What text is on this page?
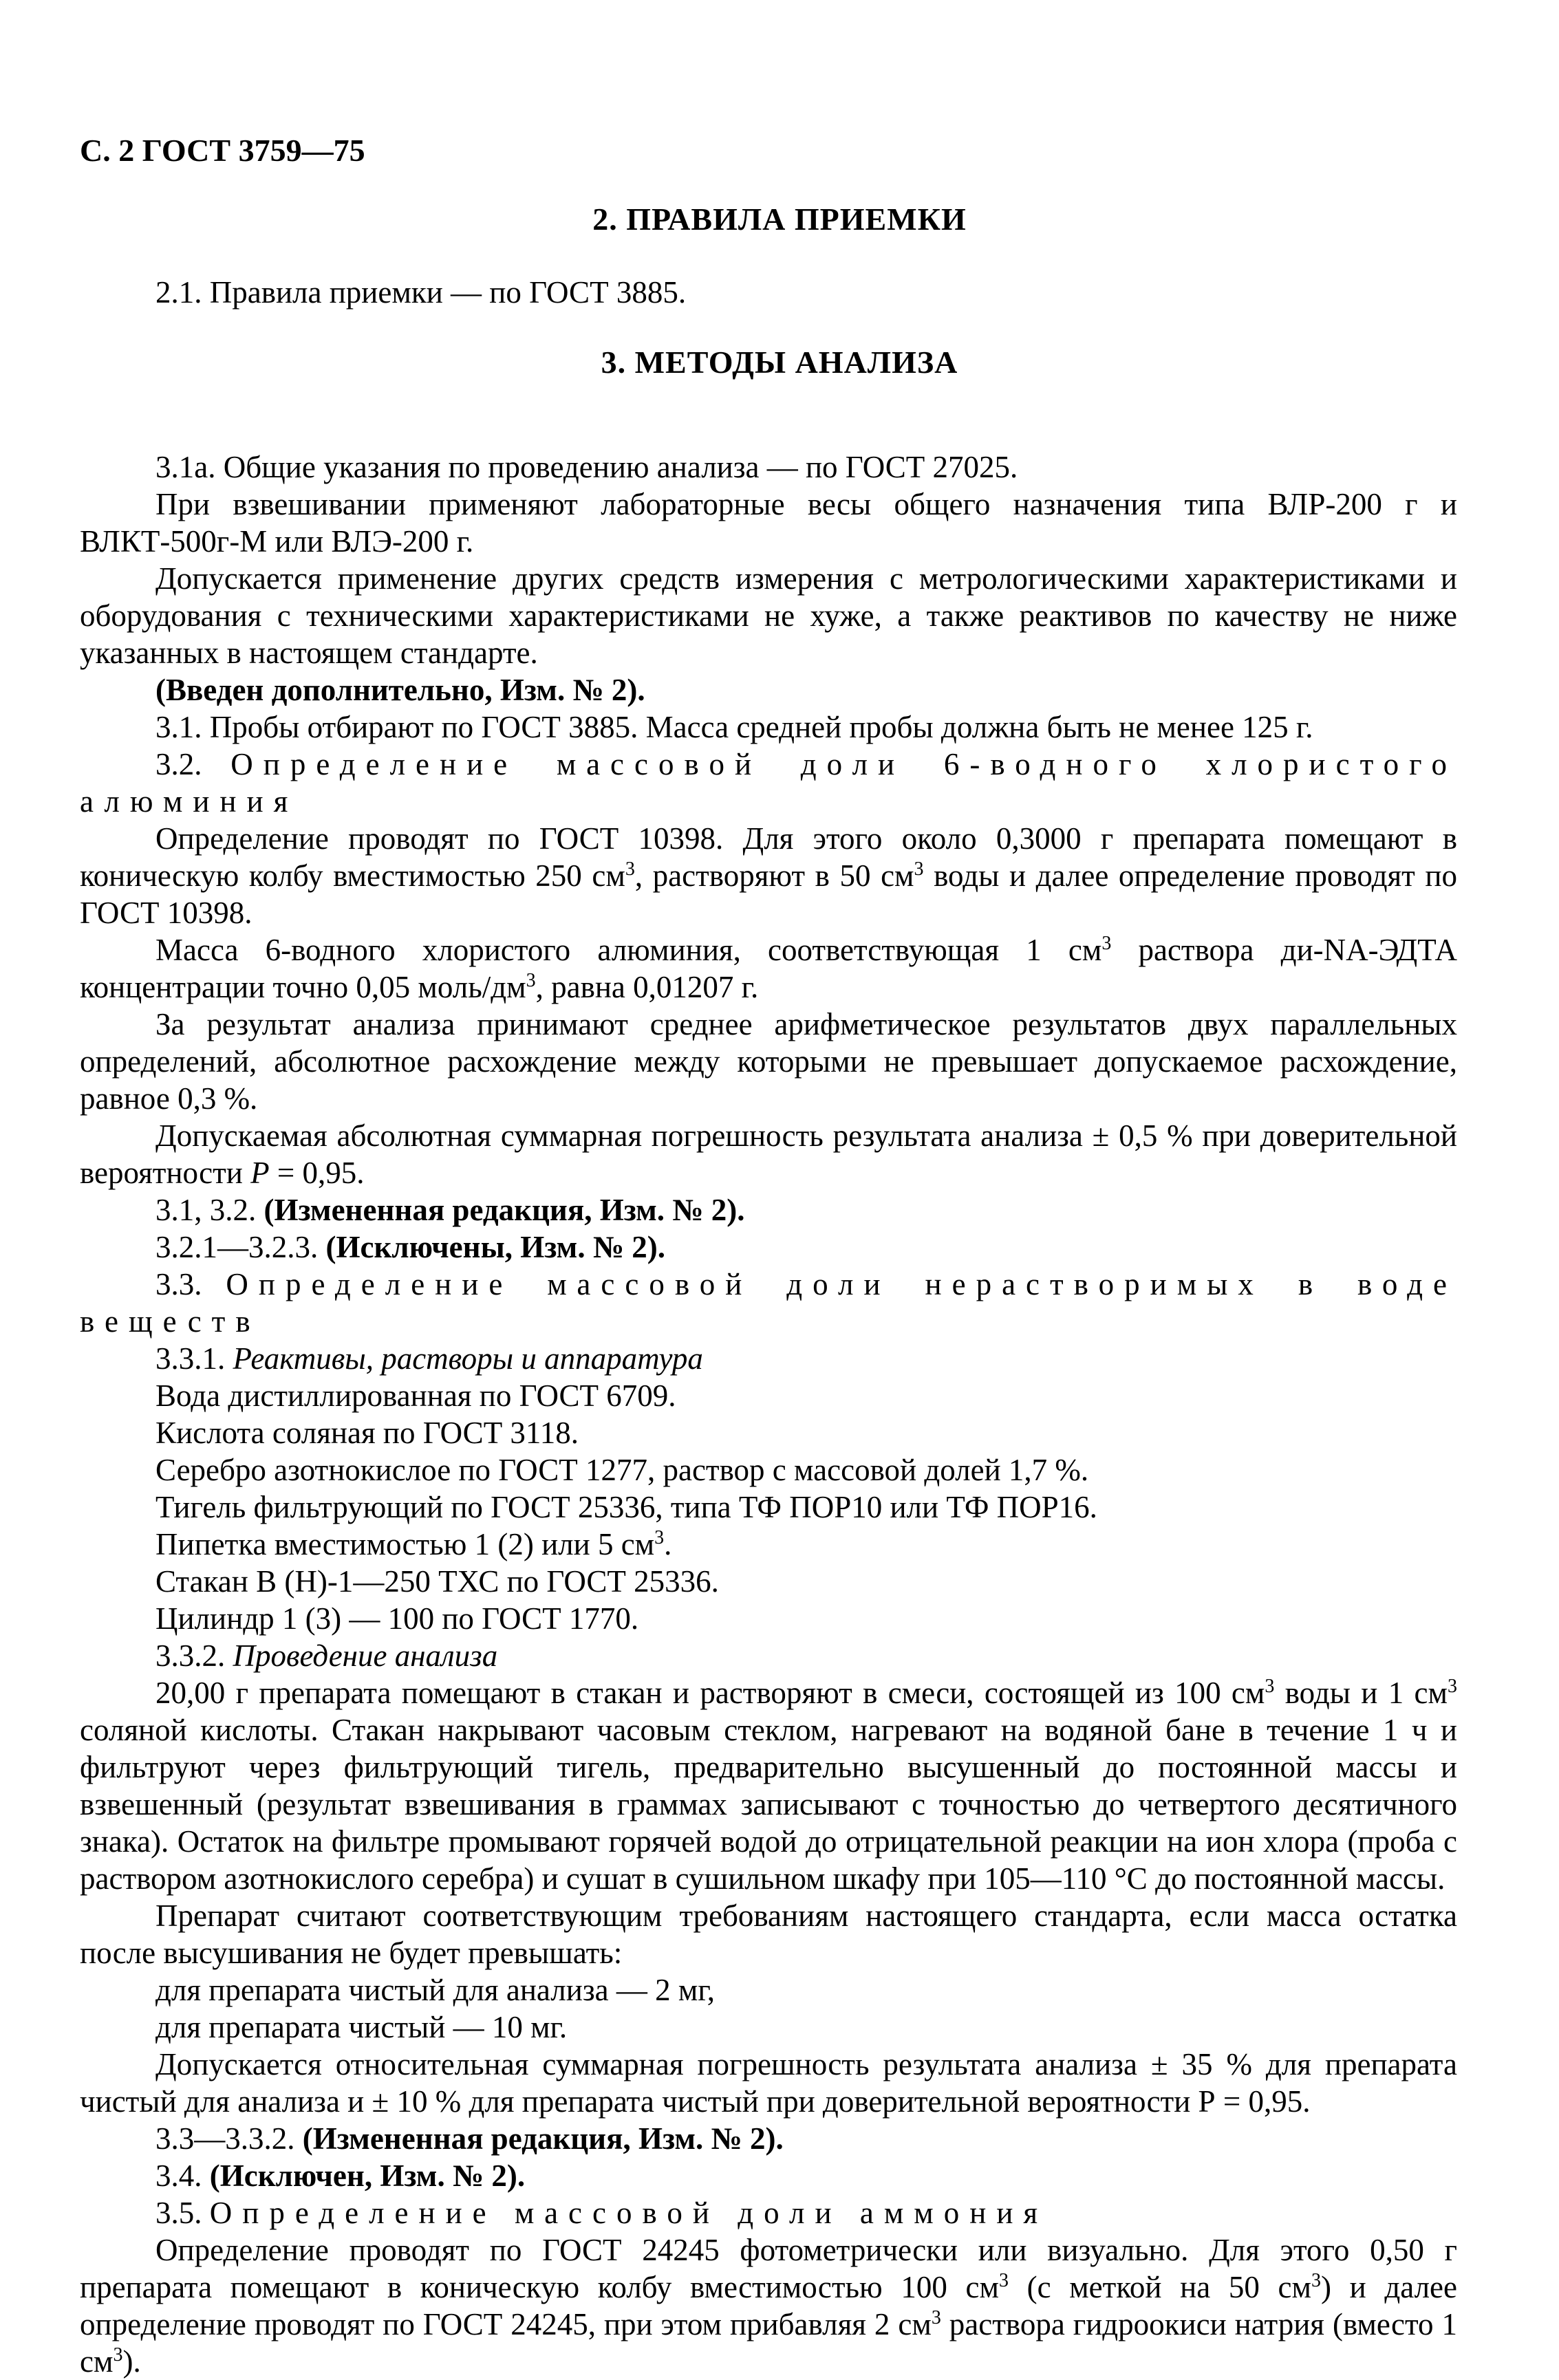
С. 2 ГОСТ 3759—75
2. ПРАВИЛА ПРИЕМКИ
2.1. Правила приемки — по ГОСТ 3885.
3. МЕТОДЫ АНАЛИЗА

3.1а. Общие указания по проведению анализа — по ГОСТ 27025.

При взвешивании применяют лабораторные весы общего назначения типа ВЛР-200 г и ВЛКТ-500г-М или ВЛЭ-200 г.

Допускается применение других средств измерения с метрологическими характеристиками и оборудования с техническими характеристиками не хуже, а также реактивов по качеству не ниже указанных в настоящем стандарте.

(Введен дополнительно, Изм. № 2).

3.1. Пробы отбирают по ГОСТ 3885. Масса средней пробы должна быть не менее 125 г.

3.2. Определение массовой доли 6-водного хлористого алюминия

Определение проводят по ГОСТ 10398. Для этого около 0,3000 г препарата помещают в коническую колбу вместимостью 250 $см^3$, растворяют в 50 $см^3$ воды и далее определение проводят по ГОСТ 10398.

Масса 6-водного хлористого алюминия, соответствующая 1 $см^3$ раствора ди-NA-ЭДТА концентрации точно 0,05 моль/$дм^3$, равна 0,01207 г.

За результат анализа принимают среднее арифметическое результатов двух параллельных определений, абсолютное расхождение между которыми не превышает допускаемое расхождение, равное 0,3 %.

Допускаемая абсолютная суммарная погрешность результата анализа ± 0,5 % при доверительной вероятности Р = 0,95.

3.1, 3.2. (Измененная редакция, Изм. № 2).

3.2.1—3.2.3. (Исключены, Изм. № 2).

3.3. Определение массовой доли нерастворимых в воде веществ

3.3.1. Реактивы, растворы и аппаратура

Вода дистиллированная по ГОСТ 6709.

Кислота соляная по ГОСТ 3118.

Серебро азотнокислое по ГОСТ 1277, раствор с массовой долей 1,7 %.

Тигель фильтрующий по ГОСТ 25336, типа ТФ ПОР10 или ТФ ПОР16.

Пипетка вместимостью 1 (2) или 5 $см^3$.

Стакан В (Н)-1—250 ТХС по ГОСТ 25336.

Цилиндр 1 (3) — 100 по ГОСТ 1770.

3.3.2. Проведение анализа

20,00 г препарата помещают в стакан и растворяют в смеси, состоящей из 100 $см^3$ воды и 1 $см^3$ соляной кислоты. Стакан накрывают часовым стеклом, нагревают на водяной бане в течение 1 ч и фильтруют через фильтрующий тигель, предварительно высушенный до постоянной массы и взвешенный (результат взвешивания в граммах записывают с точностью до четвертого десятичного знака). Остаток на фильтре промывают горячей водой до отрицательной реакции на ион хлора (проба с раствором азотнокислого серебра) и сушат в сушильном шкафу при 105—110 °С до постоянной массы.

Препарат считают соответствующим требованиям настоящего стандарта, если масса остатка после высушивания не будет превышать:

для препарата чистый для анализа — 2 мг,

для препарата чистый — 10 мг.

Допускается относительная суммарная погрешность результата анализа ± 35 % для препарата чистый для анализа и ± 10 % для препарата чистый при доверительной вероятности Р = 0,95.

3.3—3.3.2. (Измененная редакция, Изм. № 2).

3.4. (Исключен, Изм. № 2).

3.5. Определение массовой доли аммония

Определение проводят по ГОСТ 24245 фотометрически или визуально. Для этого 0,50 г препарата помещают в коническую колбу вместимостью 100 $см^3$ (с меткой на 50 $см^3$) и далее определение проводят по ГОСТ 24245, при этом прибавляя 2 $см^3$ раствора гидроокиси натрия (вместо 1 $см^3$).
